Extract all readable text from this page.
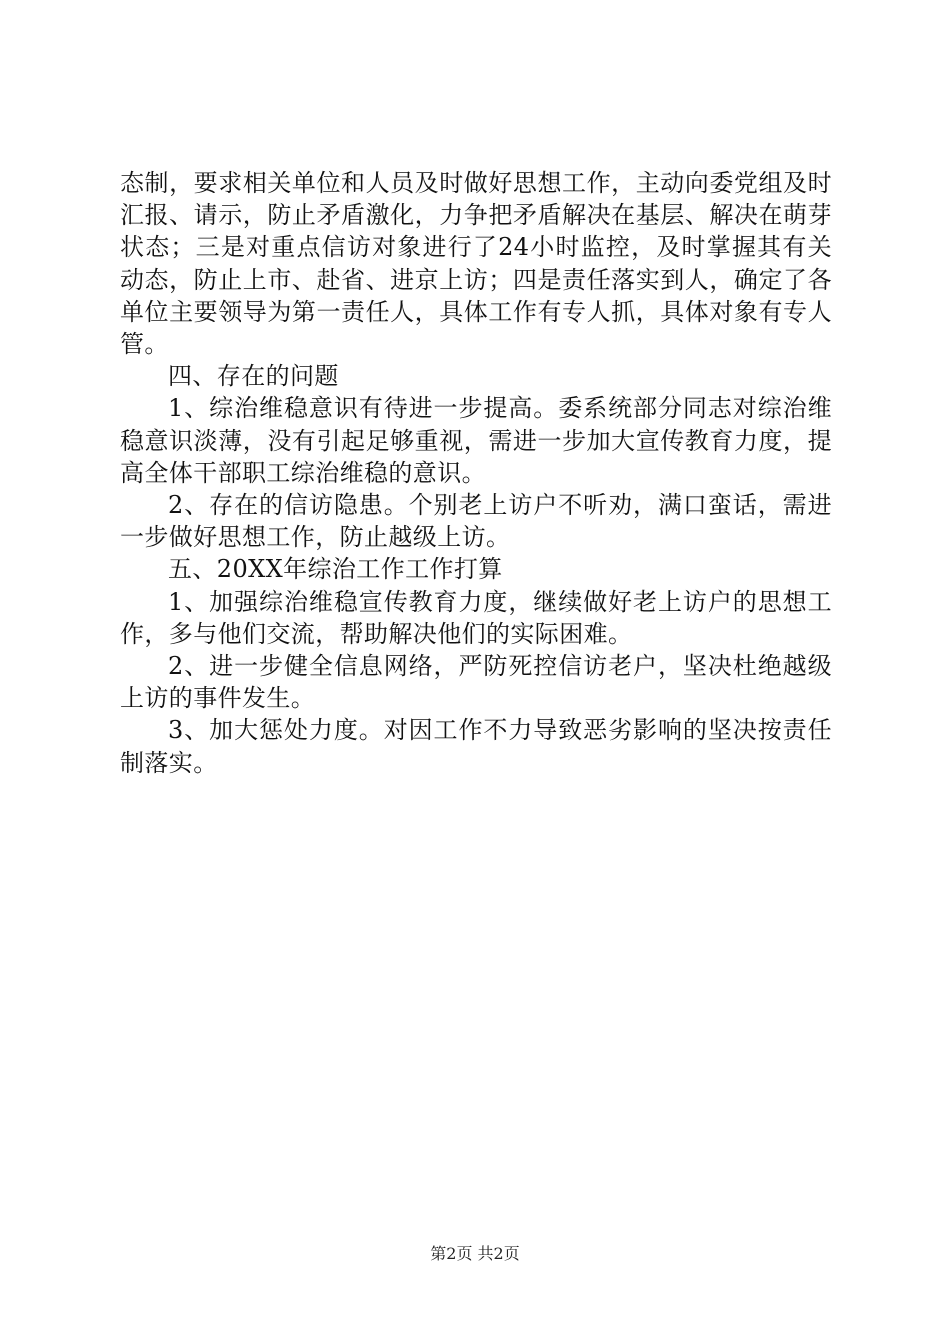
态制，要求相关单位和人员及时做好思想工作，主动向委党组及时汇报、请示，防止矛盾激化，力争把矛盾解决在基层、解决在萌芽状态；三是对重点信访对象进行了24小时监控，及时掌握其有关动态，防止上市、赴省、进京上访；四是责任落实到人，确定了各单位主要领导为第一责任人，具体工作有专人抓，具体对象有专人管。

四、存在的问题

1、综治维稳意识有待进一步提高。委系统部分同志对综治维稳意识淡薄，没有引起足够重视，需进一步加大宣传教育力度，提高全体干部职工综治维稳的意识。

2、存在的信访隐患。个别老上访户不听劝，满口蛮话，需进一步做好思想工作，防止越级上访。

五、20XX年综治工作工作打算

1、加强综治维稳宣传教育力度，继续做好老上访户的思想工作，多与他们交流，帮助解决他们的实际困难。

2、进一步健全信息网络，严防死控信访老户，坚决杜绝越级上访的事件发生。

3、加大惩处力度。对因工作不力导致恶劣影响的坚决按责任制落实。

第2页 共2页
